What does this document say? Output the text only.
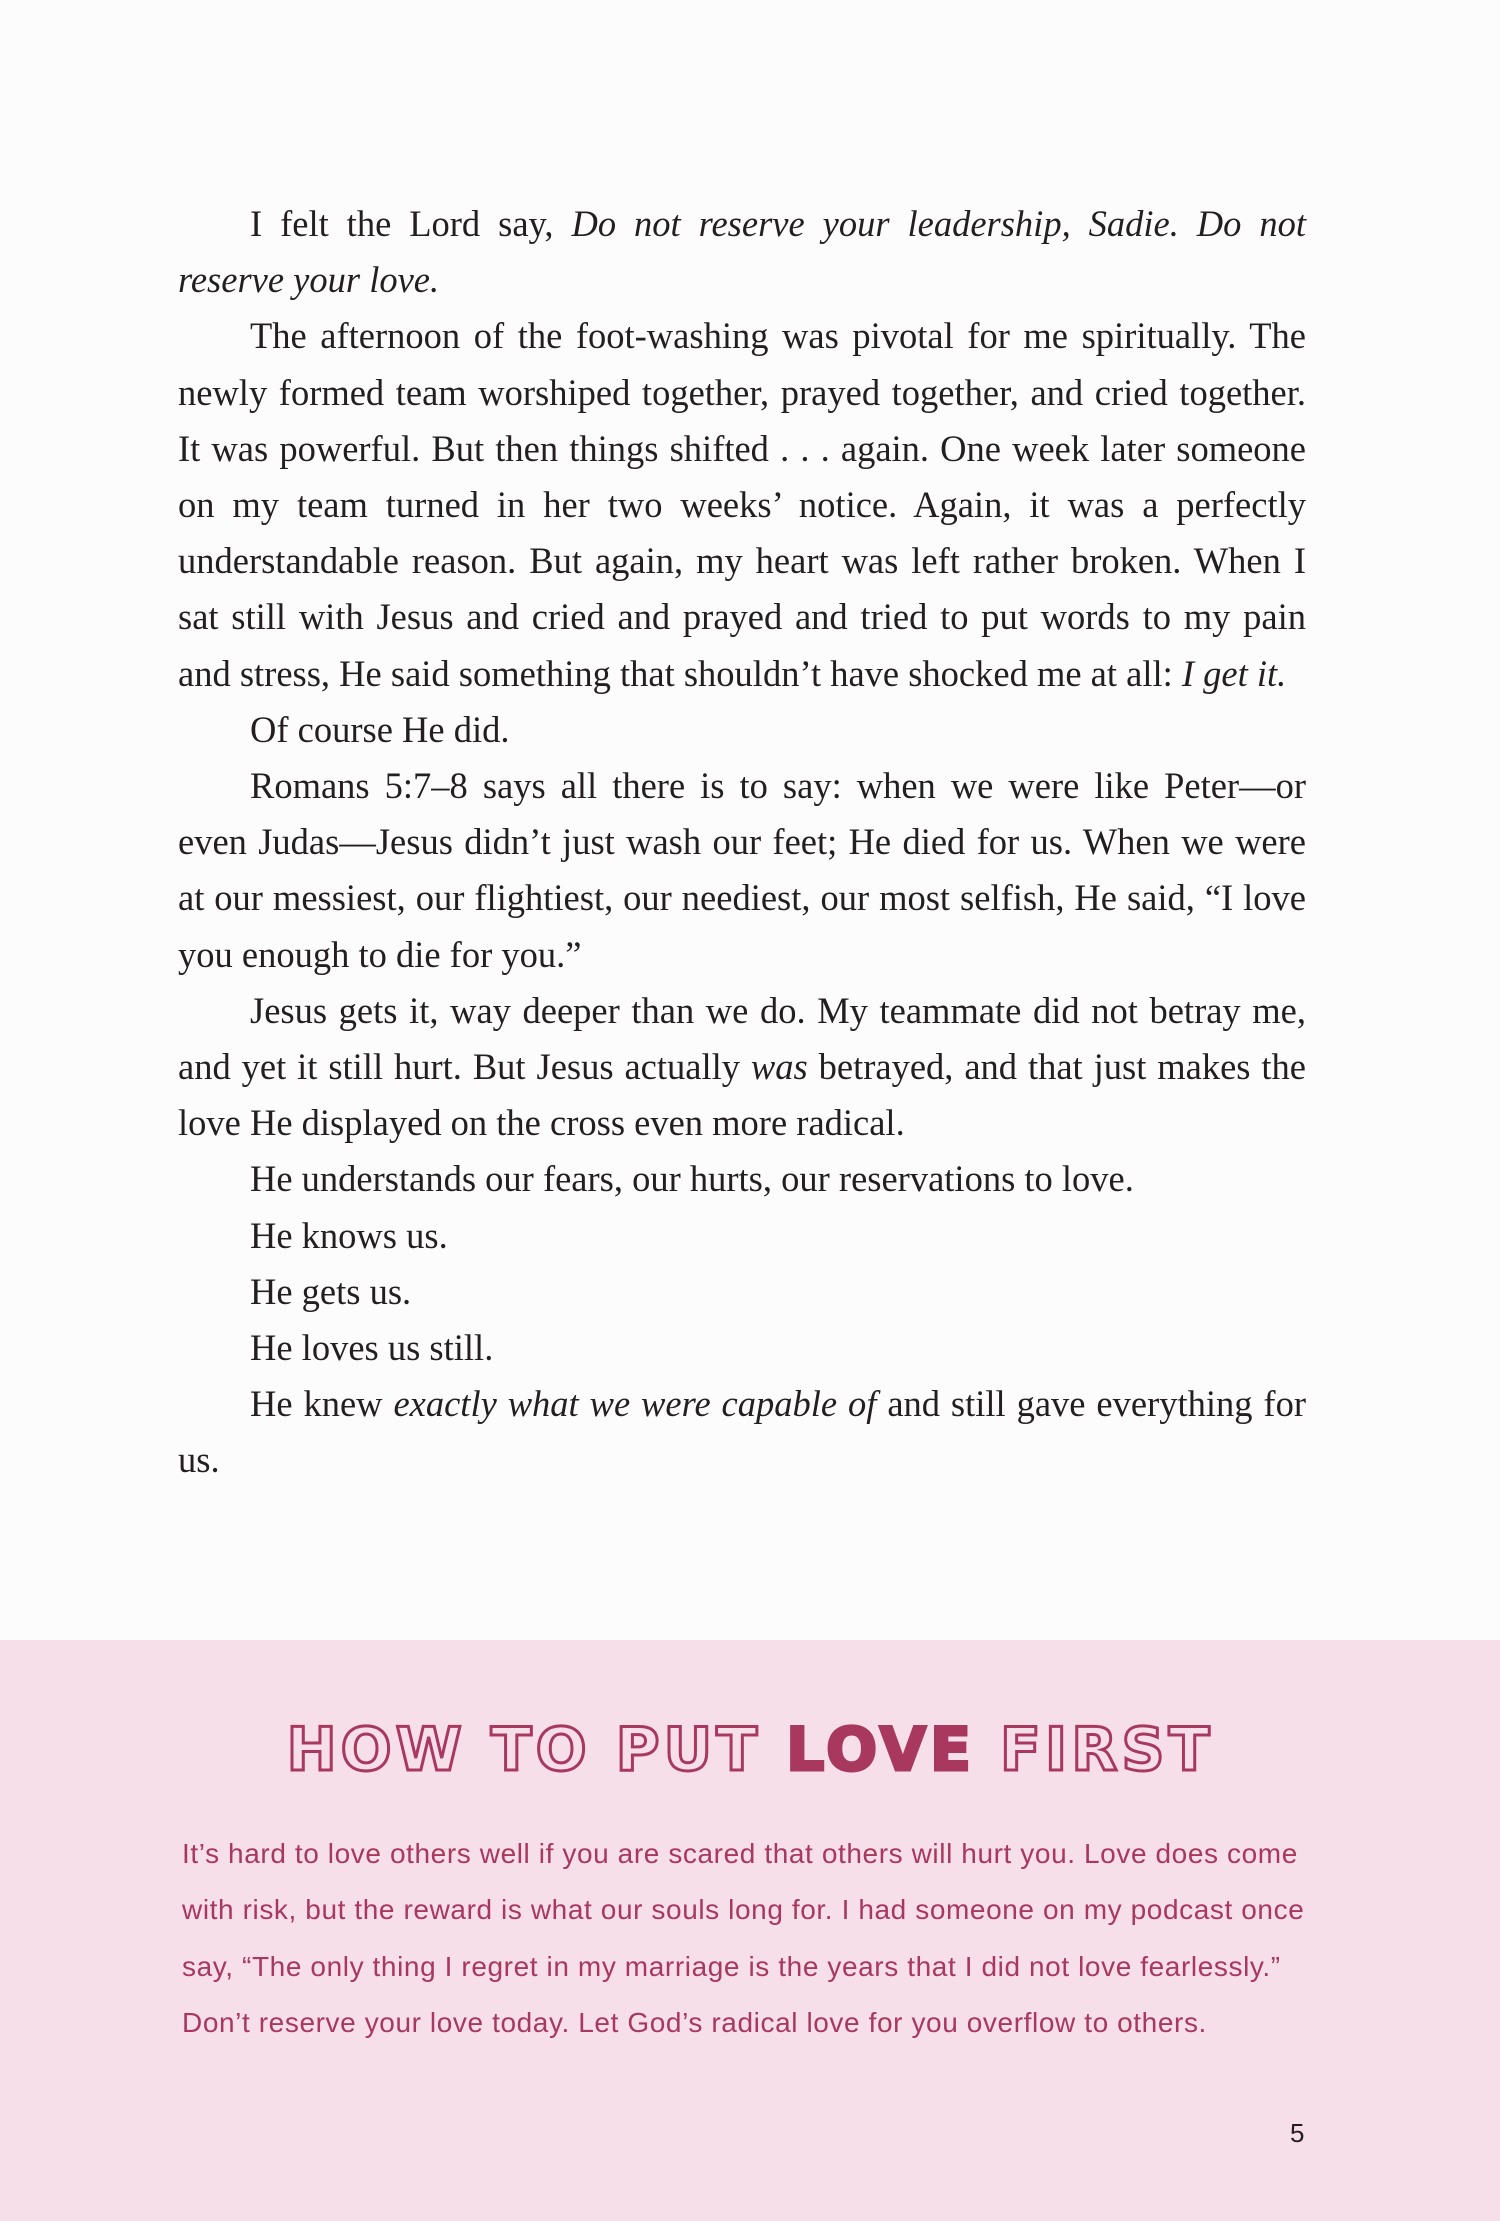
I felt the Lord say, Do not reserve your leadership, Sadie. Do not reserve your love.

The afternoon of the foot-washing was pivotal for me spiritually. The newly formed team worshiped together, prayed together, and cried together. It was powerful. But then things shifted . . . again. One week later someone on my team turned in her two weeks’ notice. Again, it was a perfectly understandable reason. But again, my heart was left rather broken. When I sat still with Jesus and cried and prayed and tried to put words to my pain and stress, He said something that shouldn’t have shocked me at all: I get it.

Of course He did.

Romans 5:7–8 says all there is to say: when we were like Peter—or even Judas—Jesus didn’t just wash our feet; He died for us. When we were at our messiest, our flightiest, our neediest, our most selfish, He said, “I love you enough to die for you.”

Jesus gets it, way deeper than we do. My teammate did not betray me, and yet it still hurt. But Jesus actually was betrayed, and that just makes the love He displayed on the cross even more radical.

He understands our fears, our hurts, our reservations to love.

He knows us.

He gets us.

He loves us still.

He knew exactly what we were capable of and still gave everything for us.

HOW TO PUT LOVE FIRST

It’s hard to love others well if you are scared that others will hurt you. Love does come with risk, but the reward is what our souls long for. I had someone on my podcast once say, “The only thing I regret in my marriage is the years that I did not love fearlessly.” Don’t reserve your love today. Let God’s radical love for you overflow to others.

5
